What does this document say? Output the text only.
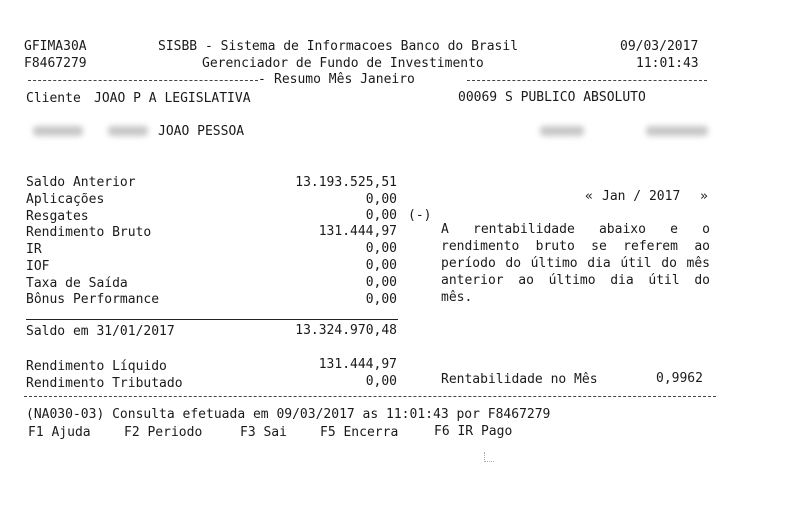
GFIMA30A	SISBB - Sistema de Informacoes Banco do Brasil	09/03/2017
F8467279	Gerenciador de Fundo de Investimento	11:01:43
- Resumo Mês Janeiro
Cliente JOAO P A LEGISLATIVA	00069 S PUBLICO ABSOLUTO
JOAO PESSOA
Saldo Anterior	13.193.525,51
Aplicações	0,00
Resgates	0,00 (-)
Rendimento Bruto	131.444,97
IR	0,00
IOF	0,00
Taxa de Saída	0,00
Bônus Performance	0,00
« Jan / 2017 »
A rentabilidade abaixo e o rendimento bruto se referem ao período do último dia útil do mês anterior ao último dia útil do mês.
Saldo em 31/01/2017	13.324.970,48
Rendimento Líquido	131.444,97
Rendimento Tributado	0,00	Rentabilidade no Mês	0,9962
(NA030-03) Consulta efetuada em 09/03/2017 as 11:01:43 por F8467279
F1 Ajuda	F2 Periodo	F3 Sai	F5 Encerra	F6 IR Pago
